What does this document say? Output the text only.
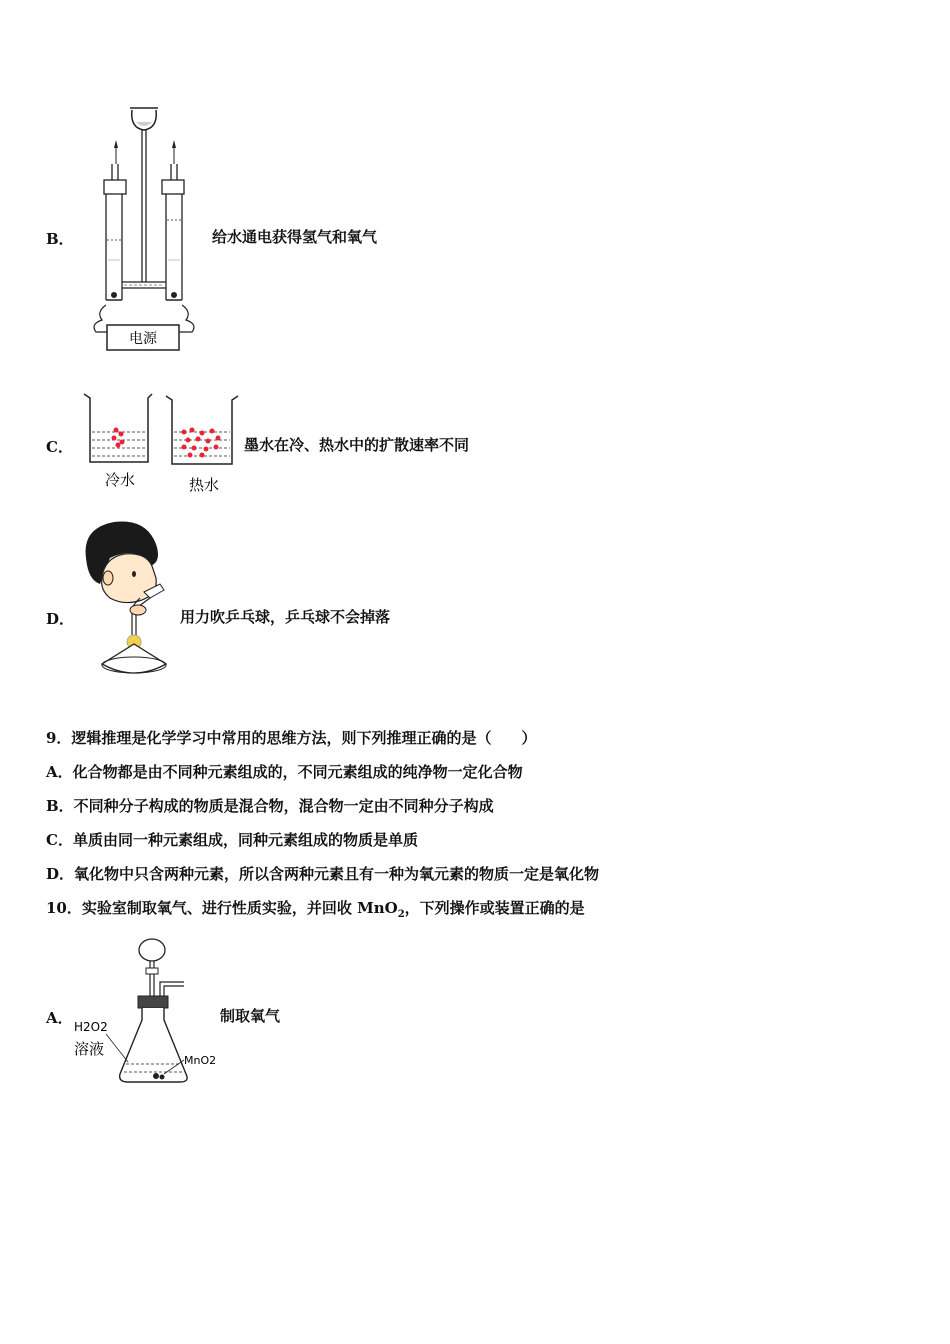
B．
电源
给水通电获得氢气和氧气
C．
冷水	热水
墨水在冷、热水中的扩散速率不同
D．	用力吹乒乓球，乒乓球不会掉落
9．逻辑推理是化学学习中常用的思维方法，则下列推理正确的是（　　）
A．化合物都是由不同种元素组成的，不同元素组成的纯净物一定化合物
B．不同种分子构成的物质是混合物，混合物一定由不同种分子构成
C．单质由同一种元素组成，同种元素组成的物质是单质
D．氧化物中只含两种元素，所以含两种元素且有一种为氧元素的物质一定是氧化物
10．实验室制取氧气、进行性质实验，并回收 MnO$_2$，下列操作或装置正确的是
A． H2O2
溶液
MnO2
制取氧气
